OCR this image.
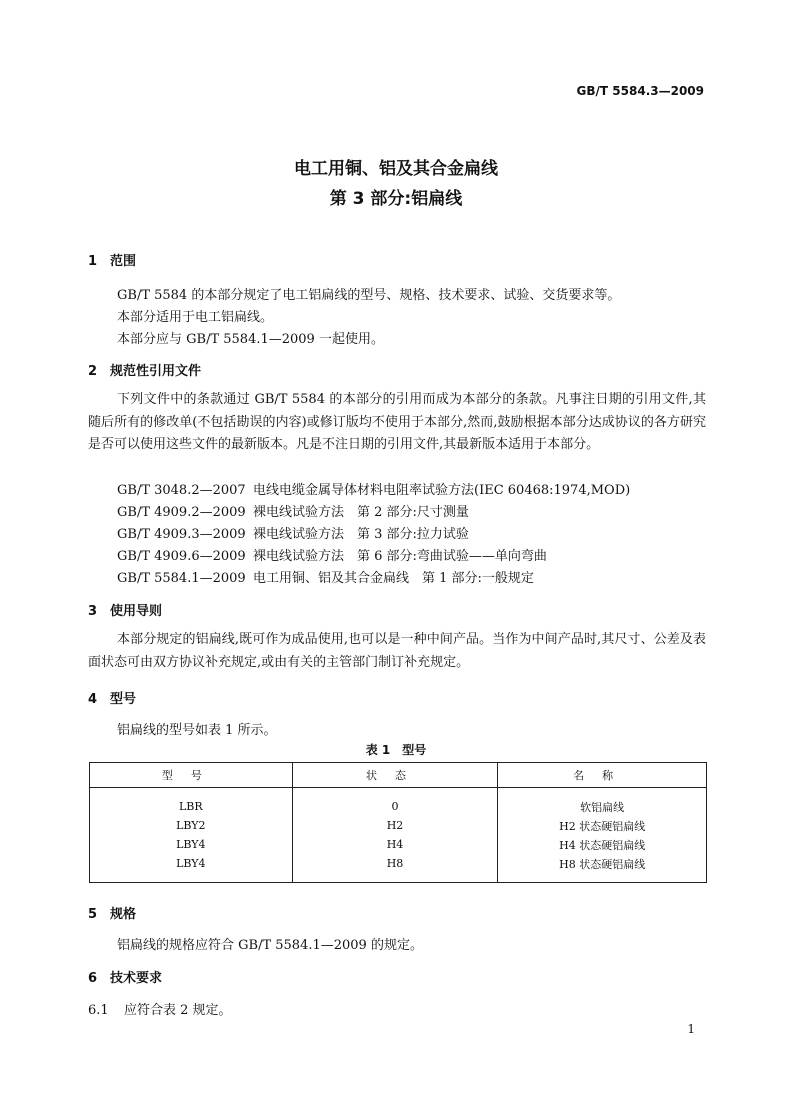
GB/T 5584.3—2009
电工用铜、铝及其合金扁线
第 3 部分:铝扁线
1 范围
GB/T 5584 的本部分规定了电工铝扁线的型号、规格、技术要求、试验、交货要求等。
本部分适用于电工铝扁线。
本部分应与 GB/T 5584.1—2009 一起使用。
2 规范性引用文件
下列文件中的条款通过 GB/T 5584 的本部分的引用而成为本部分的条款。凡事注日期的引用文件,其随后所有的修改单(不包括勘误的内容)或修订版均不使用于本部分,然而,鼓励根据本部分达成协议的各方研究是否可以使用这些文件的最新版本。凡是不注日期的引用文件,其最新版本适用于本部分。
GB/T 3048.2—2007 电线电缆金属导体材料电阻率试验方法(IEC 60468:1974,MOD)
GB/T 4909.2—2009 裸电线试验方法　第 2 部分:尺寸测量
GB/T 4909.3—2009 裸电线试验方法　第 3 部分:拉力试验
GB/T 4909.6—2009 裸电线试验方法　第 6 部分:弯曲试验——单向弯曲
GB/T 5584.1—2009 电工用铜、铝及其合金扁线　第 1 部分:一般规定
3 使用导则
本部分规定的铝扁线,既可作为成品使用,也可以是一种中间产品。当作为中间产品时,其尺寸、公差及表面状态可由双方协议补充规定,或由有关的主管部门制订补充规定。
4 型号
铝扁线的型号如表 1 所示。
表 1　型号
型号	状态	名称
LBR	0	软铝扁线
LBY2	H2	H2 状态硬铝扁线
LBY4	H4	H4 状态硬铝扁线
LBY4	H8	H8 状态硬铝扁线
5 规格
铝扁线的规格应符合 GB/T 5584.1—2009 的规定。
6 技术要求
6.1 应符合表 2 规定。
1
